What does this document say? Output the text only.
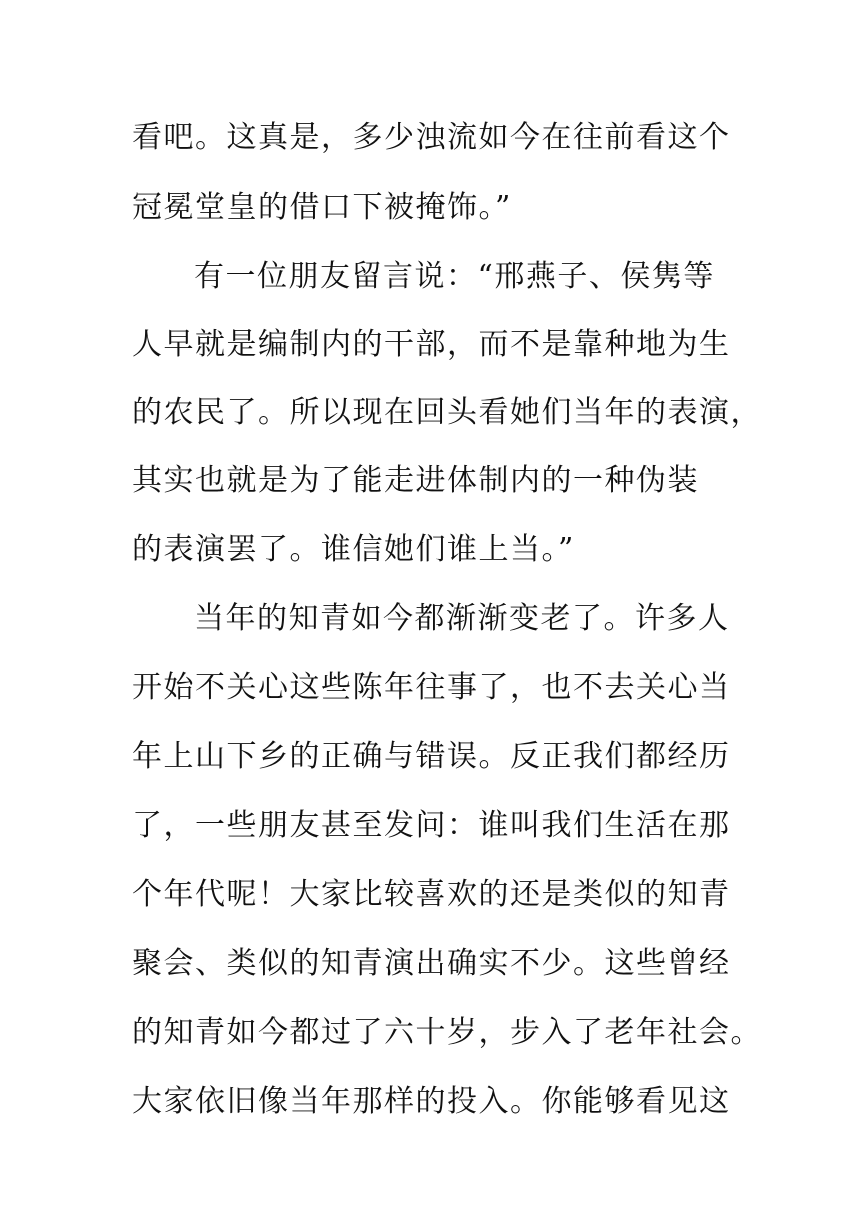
看吧。这真是，多少浊流如今在往前看这个
冠冕堂皇的借口下被掩饰。”
有一位朋友留言说：“邢燕子、侯隽等
人早就是编制内的干部，而不是靠种地为生
的农民了。所以现在回头看她们当年的表演，
其实也就是为了能走进体制内的一种伪装
的表演罢了。谁信她们谁上当。”
当年的知青如今都渐渐变老了。许多人
开始不关心这些陈年往事了，也不去关心当
年上山下乡的正确与错误。反正我们都经历
了，一些朋友甚至发问：谁叫我们生活在那
个年代呢！大家比较喜欢的还是类似的知青
聚会、类似的知青演出确实不少。这些曾经
的知青如今都过了六十岁，步入了老年社会。
大家依旧像当年那样的投入。你能够看见这
